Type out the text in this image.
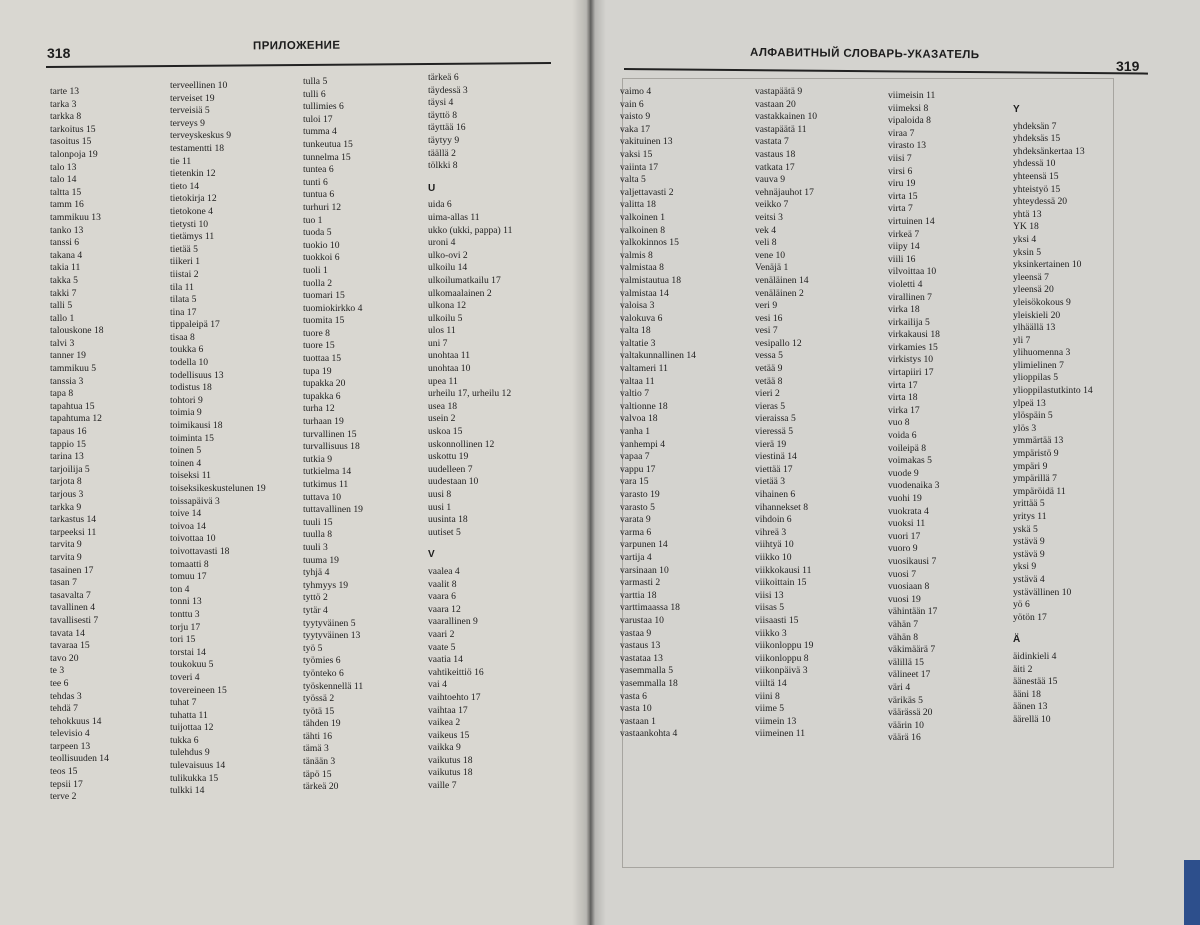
318	ПРИЛОЖЕНИЕ
tarte 13
tarka 3
tarkka 8
tarkoitus 15
tasoitus 15
talonpoja 19
talo 13
talo 14
taltta 15
tamm 16
tammikuu 13
tanko 13
tanssi 6
takana 4
takia 11
takka 5
takki 7
talli 5
tallo 1
talouskone 18
talvi 3
tanner 19
tammikuu 5
tanssia 3
tapa 8
tapahtua 15
tapahtuma 12
tapaus 16
tappio 15
tarina 13
tarjoilija 5
tarjota 8
tarjous 3
tarkka 9
tarkastus 14
tarpeeksi 11
tarvita 9
tarvita 9
tasainen 17
tasan 7
tasavalta 7
tavallinen 4
tavallisesti 7
tavata 14
tavaraa 15
tavo 20
te 3
tee 6
tehdas 3
tehdä 7
tehokkuus 14
televisio 4
tarpeen 13
teollisuuden 14
teos 15
tepsii 17
terve 2
terveellinen 10
terveiset 19
terveisiä 5
terveys 9
terveyskeskus 9
testamentti 18
tie 11
tietenkin 12
tieto 14
tietokirja 12
tietokone 4
tietysti 10
tietämys 11
tietää 5
tiikeri 1
tiistai 2
tila 11
tilata 5
tina 17
tippaleipä 17
tisaa 8
toukka 6
todella 10
todellisuus 13
todistus 18
tohtori 9
toimia 9
toimikausi 18
toiminta 15
toinen 5
toinen 4
toiseksi 11
toiseksikeskustelunen 19
toissapäivä 3
toive 14
toivoa 14
toivottaa 10
toivottavasti 18
tomaatti 8
tomuu 17
ton 4
tonni 13
tonttu 3
torju 17
tori 15
torstai 14
toukokuu 5
toveri 4
tovereineen 15
tuhat 7
tuhatta 11
tuijottaa 12
tukka 6
tulehdus 9
tulevaisuus 14
tulikukka 15
tulkki 14
tulla 5
tulli 6
tullimies 6
tuloi 17
tumma 4
tunkeutua 15
tunnelma 15
tuntea 6
tunti 6
tuntua 6
turhuri 12
tuo 1
tuoda 5
tuokio 10
tuokkoi 6
tuoli 1
tuolla 2
tuomari 15
tuomiokirkko 4
tuomita 15
tuore 8
tuore 15
tuottaa 15
tupa 19
tupakka 20
tupakka 6
turha 12
turhaan 19
turvallinen 15
turvallisuus 18
tutkia 9
tutkielma 14
tutkimus 11
tuttava 10
tuttavallinen 19
tuuli 15
tuulla 8
tuuli 3
tuuma 19
tyhjä 4
tyhmyys 19
tyttö 2
tytär 4
tyytyväinen 5
tyytyväinen 13
työ 5
työmies 6
työnteko 6
työskennellä 11
työssä 2
työtä 15
tähden 19
tähti 16
tämä 3
tänään 3
täpö 15
tärkeä 20
tärkeä 6
täydessä 3
täysi 4
täyttö 8
täyttää 16
täytyy 9
täällä 2
tölkki 8
U
uida 6
uima-allas 11
ukko (ukki, pappa) 11
uroni 4
ulko-ovi 2
ulkoilu 14
ulkoilumatkailu 17
ulkomaalainen 2
ulkona 12
ulkoilu 5
ulos 11
uni 7
unohtaa 11
unohtaa 10
upea 11
urheilu 17, urheilu 12
usea 18
usein 2
uskoa 15
uskonnollinen 12
uskottu 19
uudelleen 7
uudestaan 10
uusi 8
uusi 1
uusinta 18
uutiset 5
V
vaalea 4
vaalit 8
vaara 6
vaara 12
vaarallinen 9
vaari 2
vaate 5
vaatia 14
vahtikeittiö 16
vai 4
vaihtoehto 17
vaihtaa 17
vaikea 2
vaikeus 15
vaikka 9
vaikutus 18
vaikutus 18
vaille 7
319
АЛФАВИТНЫЙ СЛОВАРЬ-УКАЗАТЕЛЬ
vaimo 4
vain 6
vaisto 9
vaka 17
vakituinen 13
vaksi 15
vaiinta 17
valta 5
valjettavasti 2
valitta 18
valkoinen 1
valkoinen 8
valkokinnos 15
valmis 8
valmistaa 8
valmistautua 18
valmistaa 14
valoisa 3
valokuva 6
valta 18
valtatie 3
valtakunnallinen 14
valtameri 11
valtaa 11
valtio 7
valtionne 18
valvoa 18
vanha 1
vanhempi 4
vapaa 7
vappu 17
vara 15
varasto 19
varasto 5
varata 9
varma 6
varpunen 14
vartija 4
varsinaan 10
varmasti 2
varttia 18
varttimaassa 18
varustaa 10
vastaa 9
vastaus 13
vastataa 13
vasemmalla 5
vasemmalla 18
vasta 6
vasta 10
vastaan 1
vastaankohta 4
vastapäätä 9
vastaan 20
vastakkainen 10
vastapäätä 11
vastata 7
vastaus 18
vatkata 17
vauva 9
vehnäjauhot 17
veikko 7
veitsi 3
vek 4
veli 8
vene 10
Venäjä 1
venäläinen 14
venäläinen 2
veri 9
vesi 16
vesi 7
vesipallo 12
vessa 5
vetää 9
vetää 8
vieri 2
vieras 5
vieraissa 5
vieressä 5
vierä 19
viestinä 14
viettää 17
vietää 3
vihainen 6
vihannekset 8
vihdoin 6
vihreä 3
viihtyä 10
viikko 10
viikkokausi 11
viikoittain 15
viisi 13
viisas 5
viisaasti 15
viikko 3
viikonloppu 19
viikonloppu 8
viikonpäivä 3
viiltä 14
viini 8
viime 5
viimein 13
viimeinen 11
viimeisin 11
viimeksi 8
vipaloida 8
viraa 7
virasto 13
viisi 7
virsi 6
viru 19
virta 15
virta 7
virtuinen 14
virkeä 7
viipy 14
viili 16
vilvoittaa 10
violetti 4
virallinen 7
virka 18
virkailija 5
virkakausi 18
virkamies 15
virkistys 10
virtapiiri 17
virta 17
virta 18
virka 17
vuo 8
voida 6
voileipä 8
voimakas 5
vuode 9
vuodenaika 3
vuohi 19
vuokrata 4
vuoksi 11
vuori 17
vuoro 9
vuosikausi 7
vuosi 7
vuosiaan 8
vuosi 19
vähintään 17
vähän 7
vähän 8
väkimäärä 7
välillä 15
välineet 17
väri 4
värikäs 5
väärässä 20
väärin 10
väärä 16
Y
yhdeksän 7
yhdeksäs 15
yhdeksänkertaa 13
yhdessä 10
yhteensä 15
yhteistyö 15
yhteydessä 20
yhtä 13
YK 18
yksi 4
yksin 5
yksinkertainen 10
yleensä 7
yleensä 20
yleisökokous 9
yleiskieli 20
ylhäällä 13
yli 7
ylihuomenna 3
ylimielinen 7
ylioppilas 5
ylioppilastutkinto 14
ylpeä 13
ylöspäin 5
ylös 3
ymmärtää 13
ympäristö 9
ympäri 9
ympärillä 7
ympäröidä 11
yrittää 5
yritys 11
yskä 5
ystävä 9
ystävä 9
yksi 9
ystävä 4
ystävällinen 10
yö 6
yötön 17
Ä
äidinkieli 4
äiti 2
äänestää 15
ääni 18
äänen 13
äärellä 10
